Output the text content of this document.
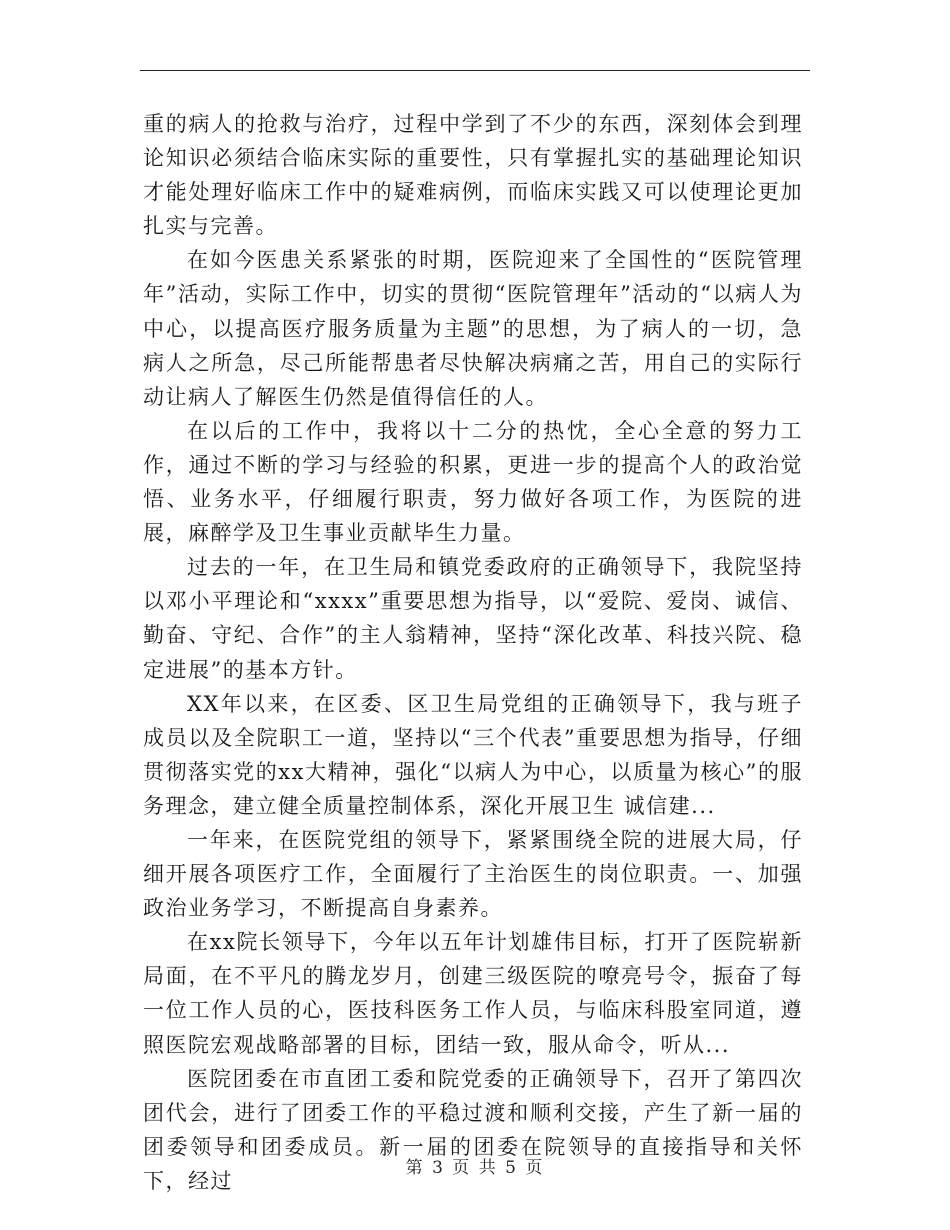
重的病人的抢救与治疗，过程中学到了不少的东西，深刻体会到理论知识必须结合临床实际的重要性，只有掌握扎实的基础理论知识才能处理好临床工作中的疑难病例，而临床实践又可以使理论更加扎实与完善。

在如今医患关系紧张的时期，医院迎来了全国性的“医院管理年”活动，实际工作中，切实的贯彻“医院管理年”活动的“以病人为中心，以提高医疗服务质量为主题”的思想，为了病人的一切，急病人之所急，尽己所能帮患者尽快解决病痛之苦，用自己的实际行动让病人了解医生仍然是值得信任的人。

在以后的工作中，我将以十二分的热忱，全心全意的努力工作，通过不断的学习与经验的积累，更进一步的提高个人的政治觉悟、业务水平，仔细履行职责，努力做好各项工作，为医院的进展，麻醉学及卫生事业贡献毕生力量。

过去的一年，在卫生局和镇党委政府的正确领导下，我院坚持以邓小平理论和“xxxx”重要思想为指导，以“爱院、爱岗、诚信、勤奋、守纪、合作”的主人翁精神，坚持“深化改革、科技兴院、稳定进展”的基本方针。

XX年以来，在区委、区卫生局党组的正确领导下，我与班子成员以及全院职工一道，坚持以“三个代表”重要思想为指导，仔细贯彻落实党的xx大精神，强化“以病人为中心，以质量为核心”的服务理念，建立健全质量控制体系，深化开展卫生 诚信建...

一年来，在医院党组的领导下，紧紧围绕全院的进展大局，仔细开展各项医疗工作，全面履行了主治医生的岗位职责。一、加强政治业务学习，不断提高自身素养。

在xx院长领导下，今年以五年计划雄伟目标，打开了医院崭新局面，在不平凡的腾龙岁月，创建三级医院的嘹亮号令，振奋了每一位工作人员的心，医技科医务工作人员，与临床科股室同道，遵照医院宏观战略部署的目标，团结一致，服从命令，听从...

医院团委在市直团工委和院党委的正确领导下，召开了第四次团代会，进行了团委工作的平稳过渡和顺利交接，产生了新一届的团委领导和团委成员。新一届的团委在院领导的直接指导和关怀下，经过

第 3 页 共 5 页
